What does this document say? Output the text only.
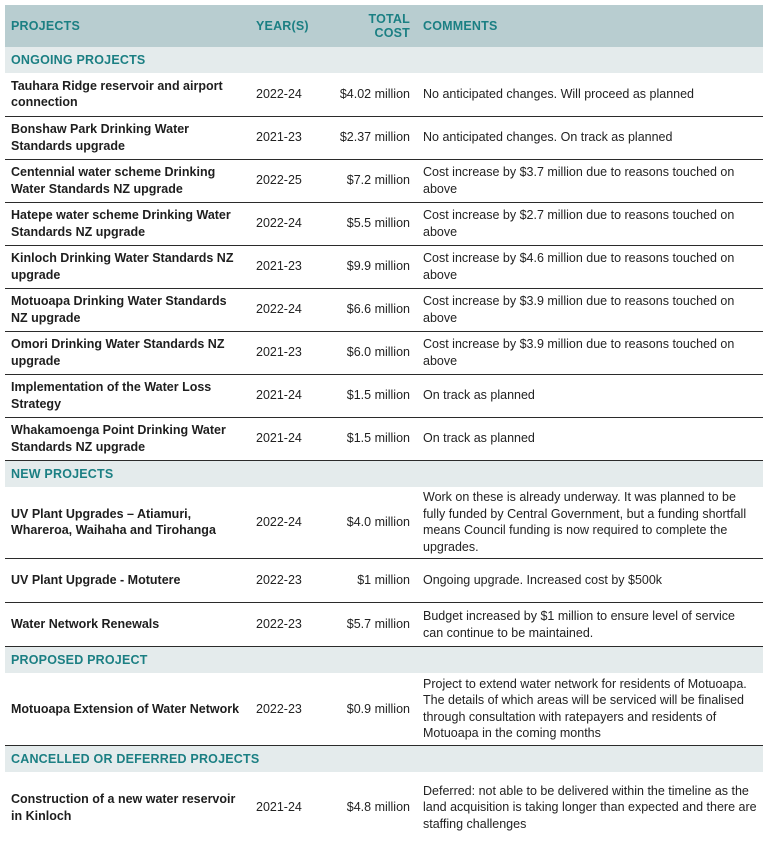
PROJECTS	YEAR(S)	TOTAL COST	COMMENTS
ONGOING PROJECTS			
Tauhara Ridge reservoir and airport connection	2022-24	$4.02 million	No anticipated changes. Will proceed as planned
Bonshaw Park Drinking Water Standards upgrade	2021-23	$2.37 million	No anticipated changes. On track as planned
Centennial water scheme Drinking Water Standards NZ upgrade	2022-25	$7.2 million	Cost increase by $3.7 million due to reasons touched on above
Hatepe water scheme Drinking Water Standards NZ upgrade	2022-24	$5.5 million	Cost increase by $2.7 million due to reasons touched on above
Kinloch Drinking Water Standards NZ upgrade	2021-23	$9.9 million	Cost increase by $4.6 million due to reasons touched on above
Motuoapa Drinking Water Standards NZ upgrade	2022-24	$6.6 million	Cost increase by $3.9 million due to reasons touched on above
Omori Drinking Water Standards NZ upgrade	2021-23	$6.0 million	Cost increase by $3.9 million due to reasons touched on above
Implementation of the Water Loss Strategy	2021-24	$1.5 million	On track as planned
Whakamoenga Point Drinking Water Standards NZ upgrade	2021-24	$1.5 million	On track as planned
NEW PROJECTS			
UV Plant Upgrades – Atiamuri, Whareroa, Waihaha and Tirohanga	2022-24	$4.0 million	Work on these is already underway. It was planned to be fully funded by Central Government, but a funding shortfall means Council funding is now required to complete the upgrades.
UV Plant Upgrade - Motutere	2022-23	$1 million	Ongoing upgrade. Increased cost by $500k
Water Network Renewals	2022-23	$5.7 million	Budget increased by $1 million to ensure level of service can continue to be maintained.
PROPOSED PROJECT			
Motuoapa Extension of Water Network	2022-23	$0.9 million	Project to extend water network for residents of Motuoapa. The details of which areas will be serviced will be finalised through consultation with ratepayers and residents of Motuoapa in the coming months
CANCELLED OR DEFERRED PROJECTS			
Construction of a new water reservoir in Kinloch	2021-24	$4.8 million	Deferred: not able to be delivered within the timeline as the land acquisition is taking longer than expected and there are staffing challenges
